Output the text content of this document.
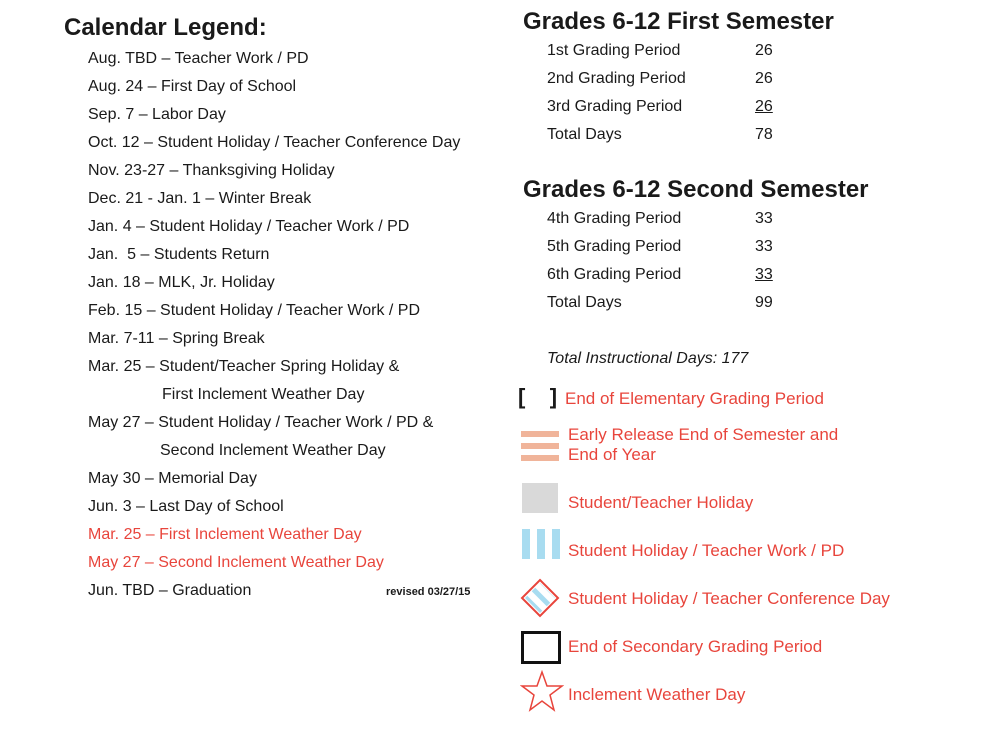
Calendar Legend:
Aug. TBD – Teacher Work / PD
Aug. 24 – First Day of School
Sep. 7 – Labor Day
Oct. 12 – Student Holiday / Teacher Conference Day
Nov. 23-27 – Thanksgiving Holiday
Dec. 21 - Jan. 1 – Winter Break
Jan. 4 – Student Holiday / Teacher Work / PD
Jan.  5 – Students Return
Jan. 18 – MLK, Jr. Holiday
Feb. 15 – Student Holiday / Teacher Work / PD
Mar. 7-11 – Spring Break
Mar. 25 – Student/Teacher Spring Holiday &
First Inclement Weather Day
May 27 – Student Holiday / Teacher Work / PD &
Second Inclement Weather Day
May 30 – Memorial Day
Jun. 3 – Last Day of School
Mar. 25 – First Inclement Weather Day
May 27 – Second Inclement Weather Day
Jun. TBD – Graduation	revised 03/27/15
Grades 6-12 First Semester
1st Grading Period	26
2nd Grading Period	26
3rd Grading Period	26
Total Days	78
Grades 6-12 Second Semester
4th Grading Period	33
5th Grading Period	33
6th Grading Period	33
Total Days	99
Total Instructional Days: 177
[    ] End of Elementary Grading Period
Early Release End of Semester and
End of Year
Student/Teacher Holiday
Student Holiday / Teacher Work / PD
Student Holiday / Teacher Conference Day
End of Secondary Grading Period
Inclement Weather Day
